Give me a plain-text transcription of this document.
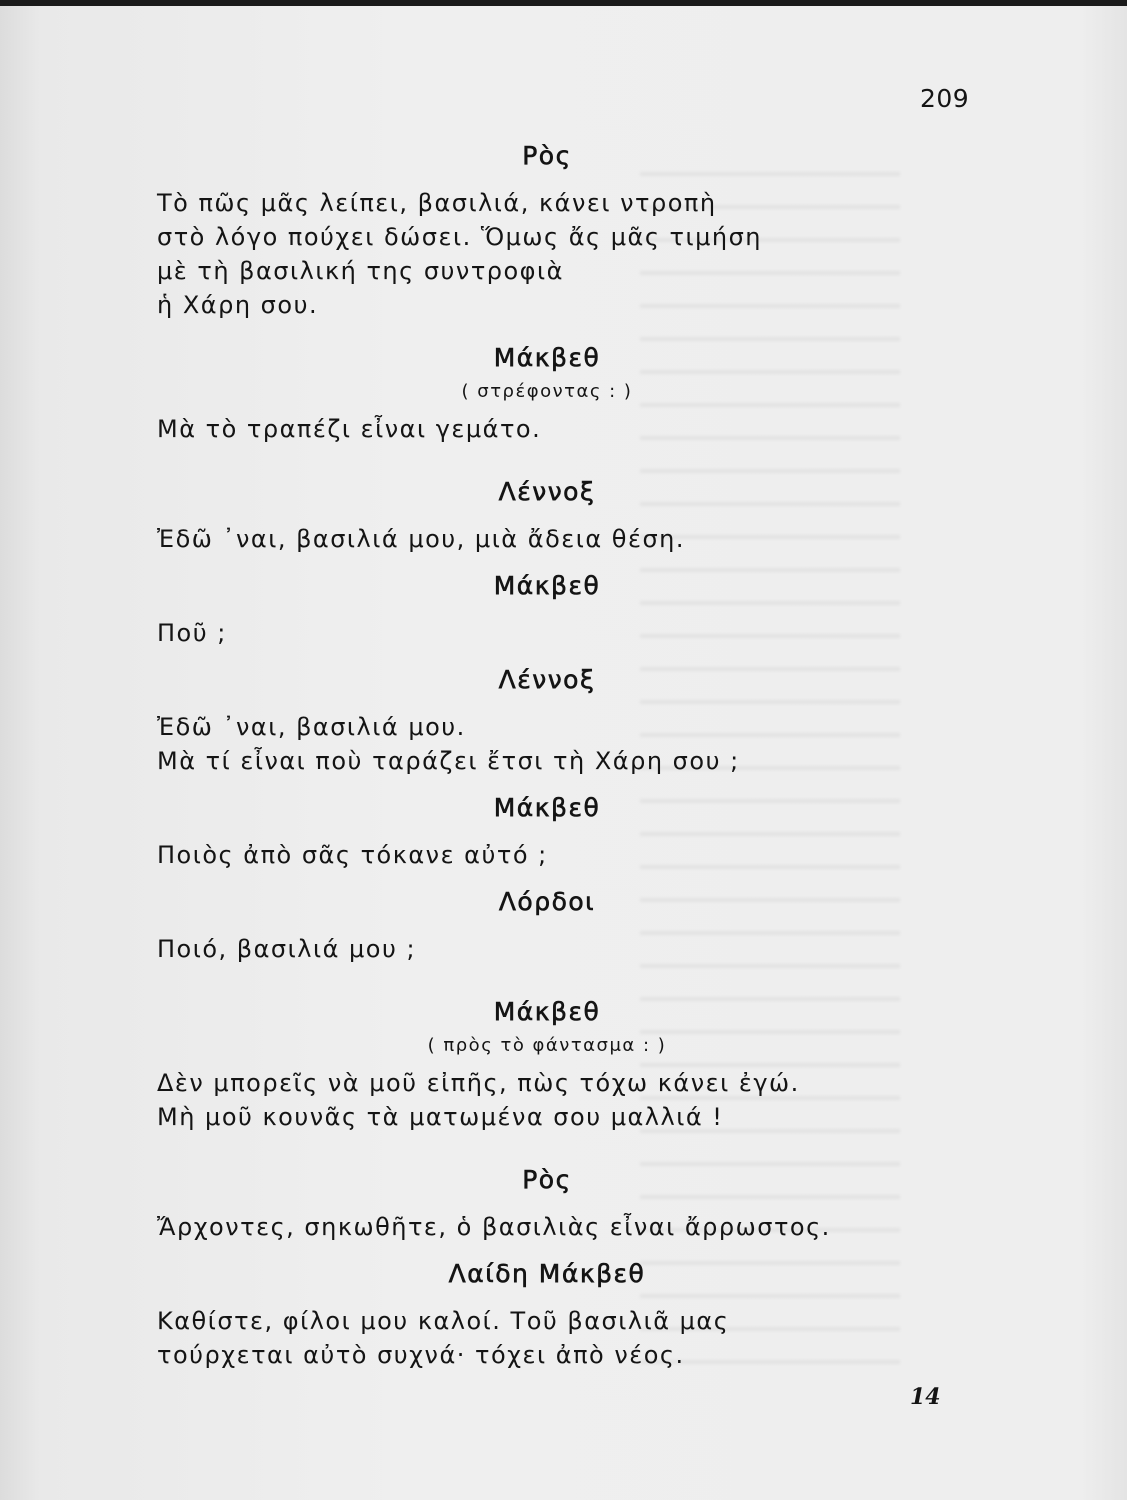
209
Ρὸς
Τὸ πῶς μᾶς λείπει, βασιλιά, κάνει ντροπὴ
στὸ λόγο πούχει δώσει. Ὅμως ἄς μᾶς τιμήση
μὲ τὴ βασιλική της συντροφιὰ
ἡ Χάρη σου.
Μάκβεθ
( στρέφοντας : )
Μὰ τὸ τραπέζι εἶναι γεμάτο.
Λέννοξ
Ἐδῶ ᾿ναι, βασιλιά μου, μιὰ ἄδεια θέση.
Μάκβεθ
Ποῦ ;
Λέννοξ
Ἐδῶ ᾿ναι, βασιλιά μου.
Μὰ τί εἶναι ποὺ ταράζει ἔτσι τὴ Χάρη σου ;
Μάκβεθ
Ποιὸς ἀπὸ σᾶς τόκανε αὐτό ;
Λόρδοι
Ποιό, βασιλιά μου ;
Μάκβεθ
( πρὸς τὸ φάντασμα : )
Δὲν μπορεῖς νὰ μοῦ εἰπῆς, πὼς τόχω κάνει ἐγώ.
Μὴ μοῦ κουνᾶς τὰ ματωμένα σου μαλλιά !
Ρὸς
Ἄρχοντες, σηκωθῆτε, ὁ βασιλιὰς εἶναι ἄρρωστος.
Λαίδη Μάκβεθ
Καθίστε, φίλοι μου καλοί. Τοῦ βασιλιᾶ μας
τούρχεται αὐτὸ συχνά· τόχει ἀπὸ νέος.
14
